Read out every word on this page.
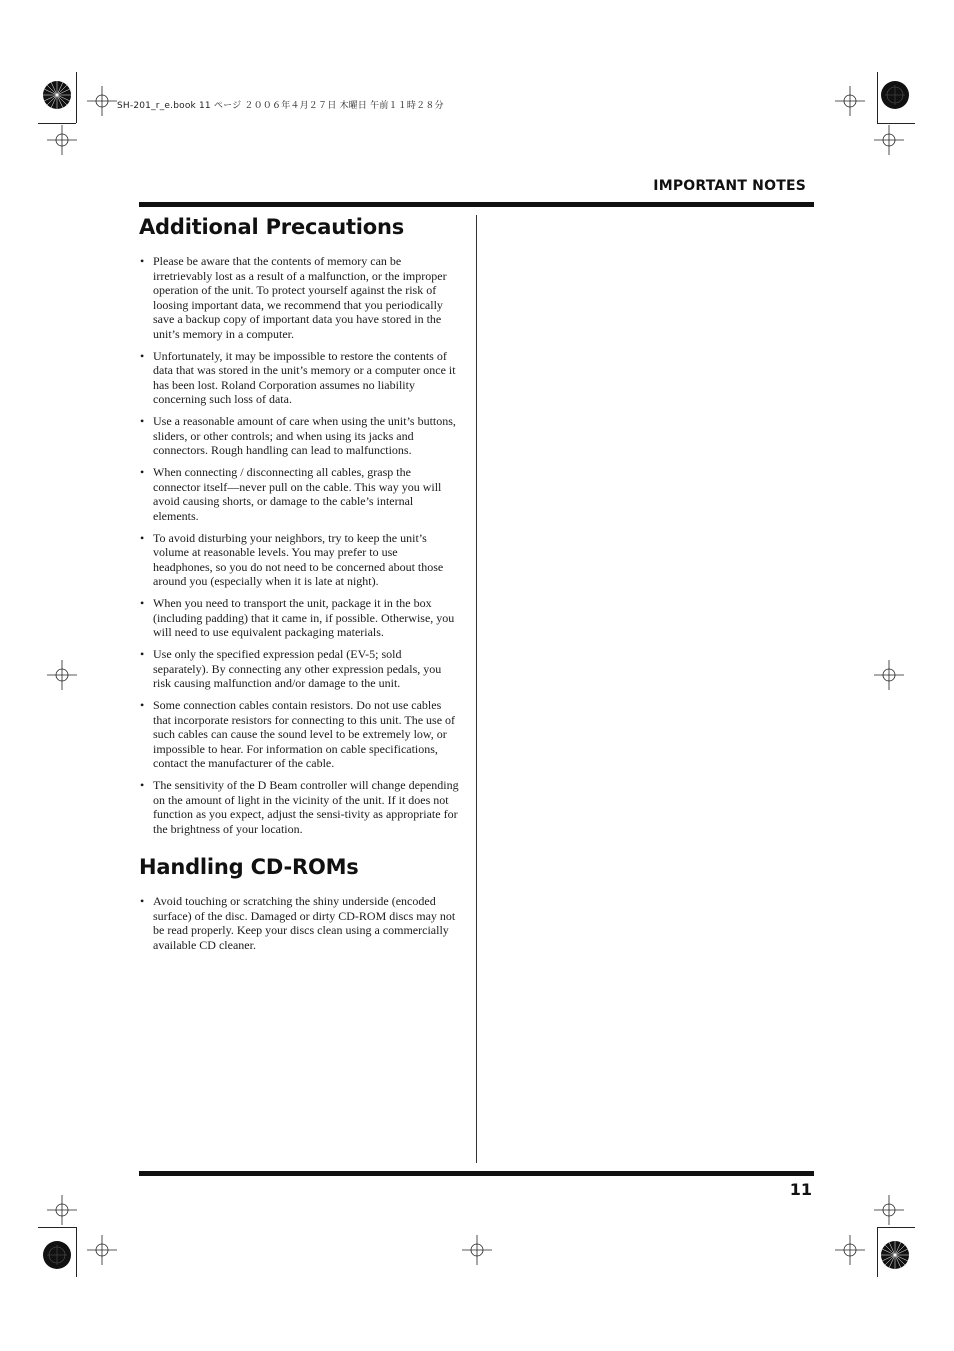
SH-201_r_e.book 11 ページ ２００６年４月２７日 木曜日 午前１１時２８分
IMPORTANT NOTES
11
Additional Precautions
• Please be aware that the contents of memory can be irretrievably lost as a result of a malfunction, or the improper operation of the unit. To protect yourself against the risk of loosing important data, we recommend that you periodically save a backup copy of important data you have stored in the unit’s memory in a computer.
• Unfortunately, it may be impossible to restore the contents of data that was stored in the unit’s memory or a computer once it has been lost. Roland Corporation assumes no liability concerning such loss of data.
• Use a reasonable amount of care when using the unit’s buttons, sliders, or other controls; and when using its jacks and connectors. Rough handling can lead to malfunctions.
• When connecting / disconnecting all cables, grasp the connector itself—never pull on the cable. This way you will avoid causing shorts, or damage to the cable’s internal elements.
• To avoid disturbing your neighbors, try to keep the unit’s volume at reasonable levels. You may prefer to use headphones, so you do not need to be concerned about those around you (especially when it is late at night).
• When you need to transport the unit, package it in the box (including padding) that it came in, if possible. Otherwise, you will need to use equivalent packaging materials.
• Use only the specified expression pedal (EV-5; sold separately). By connecting any other expression pedals, you risk causing malfunction and/or damage to the unit.
• Some connection cables contain resistors. Do not use cables that incorporate resistors for connecting to this unit. The use of such cables can cause the sound level to be extremely low, or impossible to hear. For information on cable specifications, contact the manufacturer of the cable.
• The sensitivity of the D Beam controller will change depending on the amount of light in the vicinity of the unit. If it does not function as you expect, adjust the sensi-tivity as appropriate for the brightness of your location.
Handling CD-ROMs
• Avoid touching or scratching the shiny underside (encoded surface) of the disc. Damaged or dirty CD-ROM discs may not be read properly. Keep your discs clean using a commercially available CD cleaner.
